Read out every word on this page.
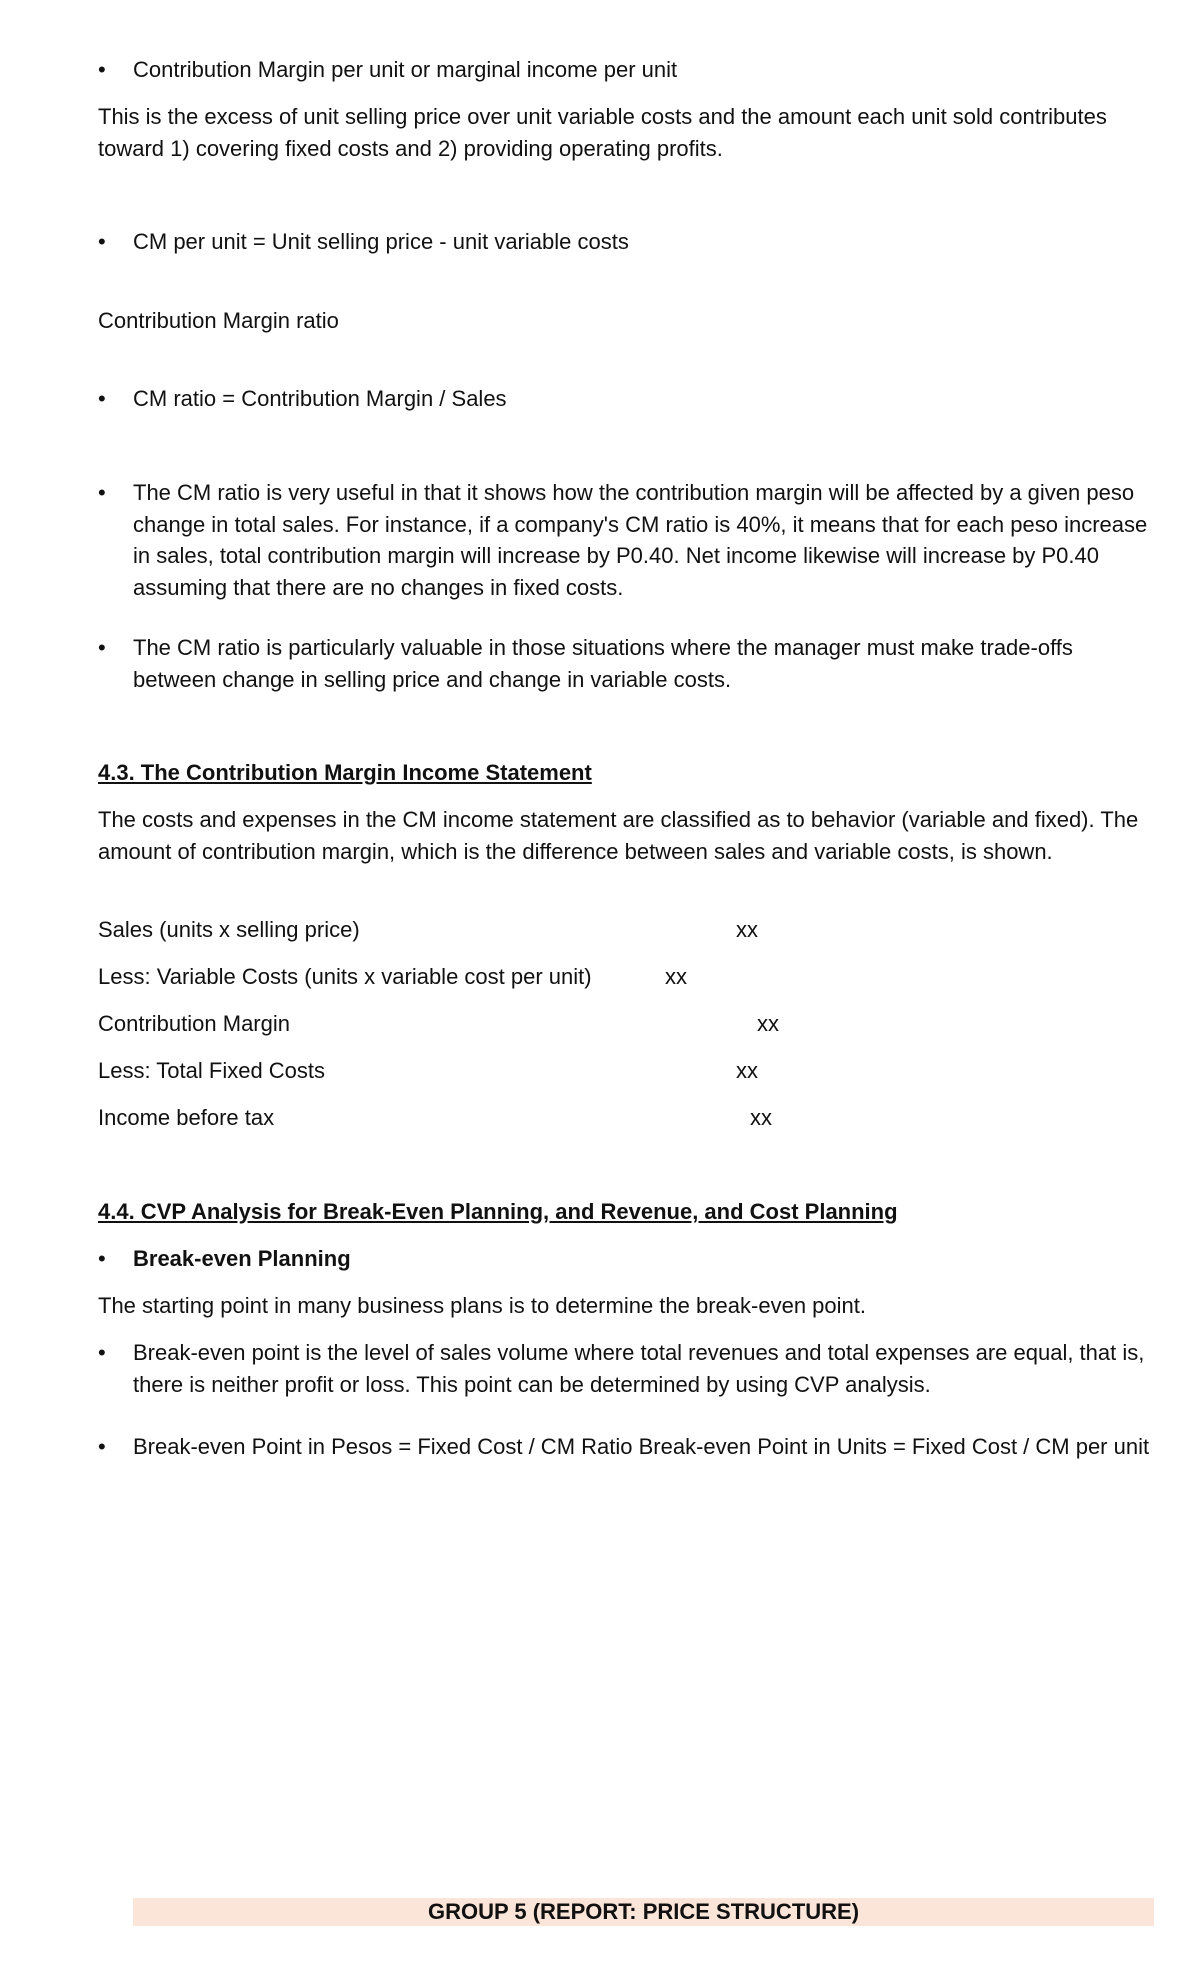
•	Contribution Margin per unit or marginal income per unit
This is the excess of unit selling price over unit variable costs and the amount each unit sold contributes toward 1) covering fixed costs and 2) providing operating profits.
•	CM per unit = Unit selling price - unit variable costs
Contribution Margin ratio
•	CM ratio = Contribution Margin / Sales
•	The CM ratio is very useful in that it shows how the contribution margin will be affected by a given peso change in total sales. For instance, if a company's CM ratio is 40%, it means that for each peso increase in sales, total contribution margin will increase by P0.40. Net income likewise will increase by P0.40 assuming that there are no changes in fixed costs.
•	The CM ratio is particularly valuable in those situations where the manager must make trade-offs between change in selling price and change in variable costs.
4.3. The Contribution Margin Income Statement
The costs and expenses in the CM income statement are classified as to behavior (variable and fixed). The amount of contribution margin, which is the difference between sales and variable costs, is shown.
Sales (units x selling price)	xx
Less: Variable Costs (units x variable cost per unit)	xx
Contribution Margin	xx
Less: Total Fixed Costs	xx
Income before tax	xx
4.4. CVP Analysis for Break-Even Planning, and Revenue, and Cost Planning
•	Break-even Planning
The starting point in many business plans is to determine the break-even point.
•	Break-even point is the level of sales volume where total revenues and total expenses are equal, that is, there is neither profit or loss. This point can be determined by using CVP analysis.
•	Break-even Point in Pesos = Fixed Cost / CM Ratio Break-even Point in Units = Fixed Cost / CM per unit
GROUP 5 (REPORT: PRICE STRUCTURE)
